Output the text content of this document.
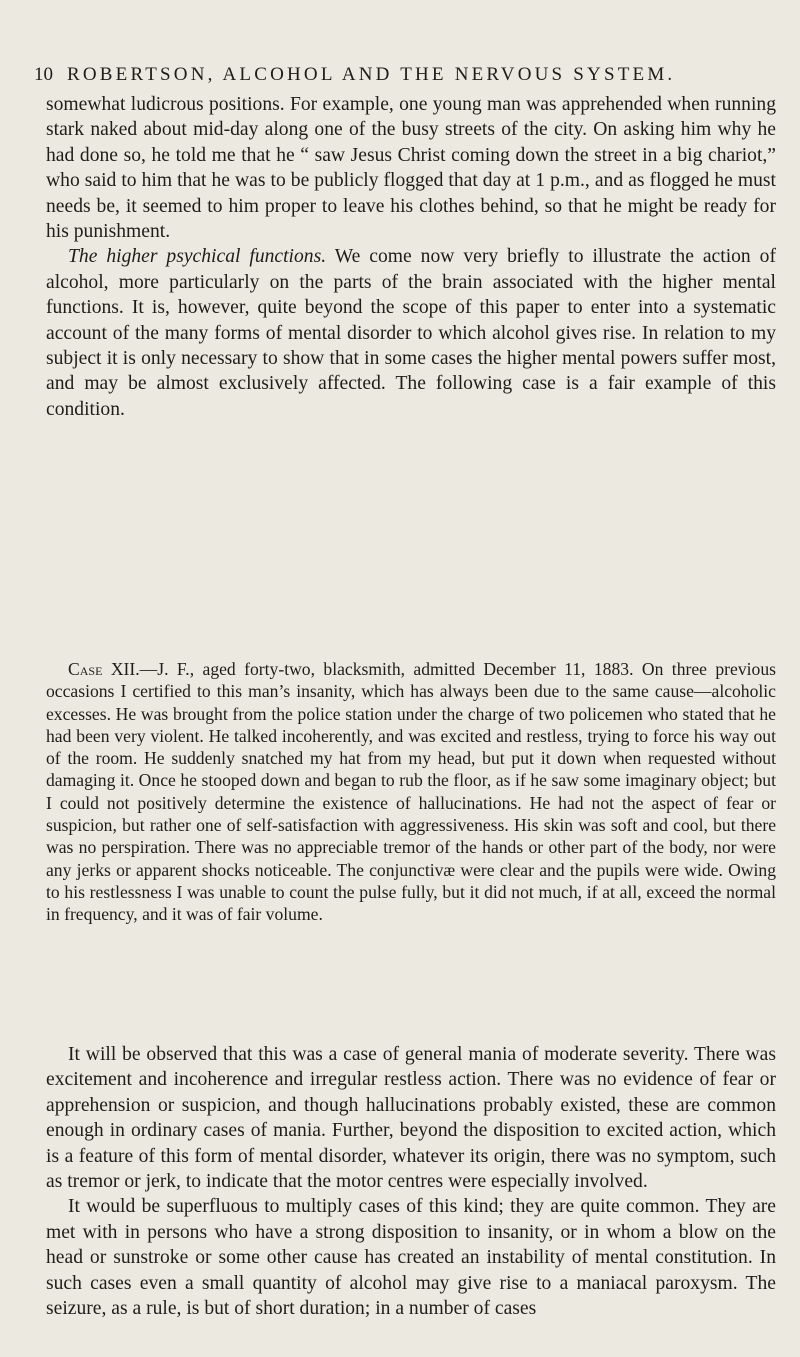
10 ROBERTSON, ALCOHOL AND THE NERVOUS SYSTEM.

somewhat ludicrous positions. For example, one young man was apprehended when running stark naked about mid-day along one of the busy streets of the city. On asking him why he had done so, he told me that he “ saw Jesus Christ coming down the street in a big chariot,” who said to him that he was to be publicly flogged that day at 1 p.m., and as flogged he must needs be, it seemed to him proper to leave his clothes behind, so that he might be ready for his punishment.

The higher psychical functions. We come now very briefly to illustrate the action of alcohol, more particularly on the parts of the brain associated with the higher mental functions. It is, however, quite beyond the scope of this paper to enter into a systematic account of the many forms of mental disorder to which alcohol gives rise. In relation to my subject it is only necessary to show that in some cases the higher mental powers suffer most, and may be almost exclusively affected. The following case is a fair example of this condition.

Case XII.—J. F., aged forty-two, blacksmith, admitted December 11, 1883. On three previous occasions I certified to this man’s insanity, which has always been due to the same cause—alcoholic excesses. He was brought from the police station under the charge of two policemen who stated that he had been very violent. He talked incoherently, and was excited and restless, trying to force his way out of the room. He suddenly snatched my hat from my head, but put it down when requested without damaging it. Once he stooped down and began to rub the floor, as if he saw some imaginary object; but I could not positively determine the existence of hallucinations. He had not the aspect of fear or suspicion, but rather one of self-satisfaction with aggressiveness. His skin was soft and cool, but there was no perspiration. There was no appreciable tremor of the hands or other part of the body, nor were any jerks or apparent shocks noticeable. The conjunctivæ were clear and the pupils were wide. Owing to his restlessness I was unable to count the pulse fully, but it did not much, if at all, exceed the normal in frequency, and it was of fair volume.

It will be observed that this was a case of general mania of moderate severity. There was excitement and incoherence and irregular restless action. There was no evidence of fear or apprehension or suspicion, and though hallucinations probably existed, these are common enough in ordinary cases of mania. Further, beyond the disposition to excited action, which is a feature of this form of mental disorder, whatever its origin, there was no symptom, such as tremor or jerk, to indicate that the motor centres were especially involved.

It would be superfluous to multiply cases of this kind; they are quite common. They are met with in persons who have a strong disposition to insanity, or in whom a blow on the head or sunstroke or some other cause has created an instability of mental constitution. In such cases even a small quantity of alcohol may give rise to a maniacal paroxysm. The seizure, as a rule, is but of short duration; in a number of cases
